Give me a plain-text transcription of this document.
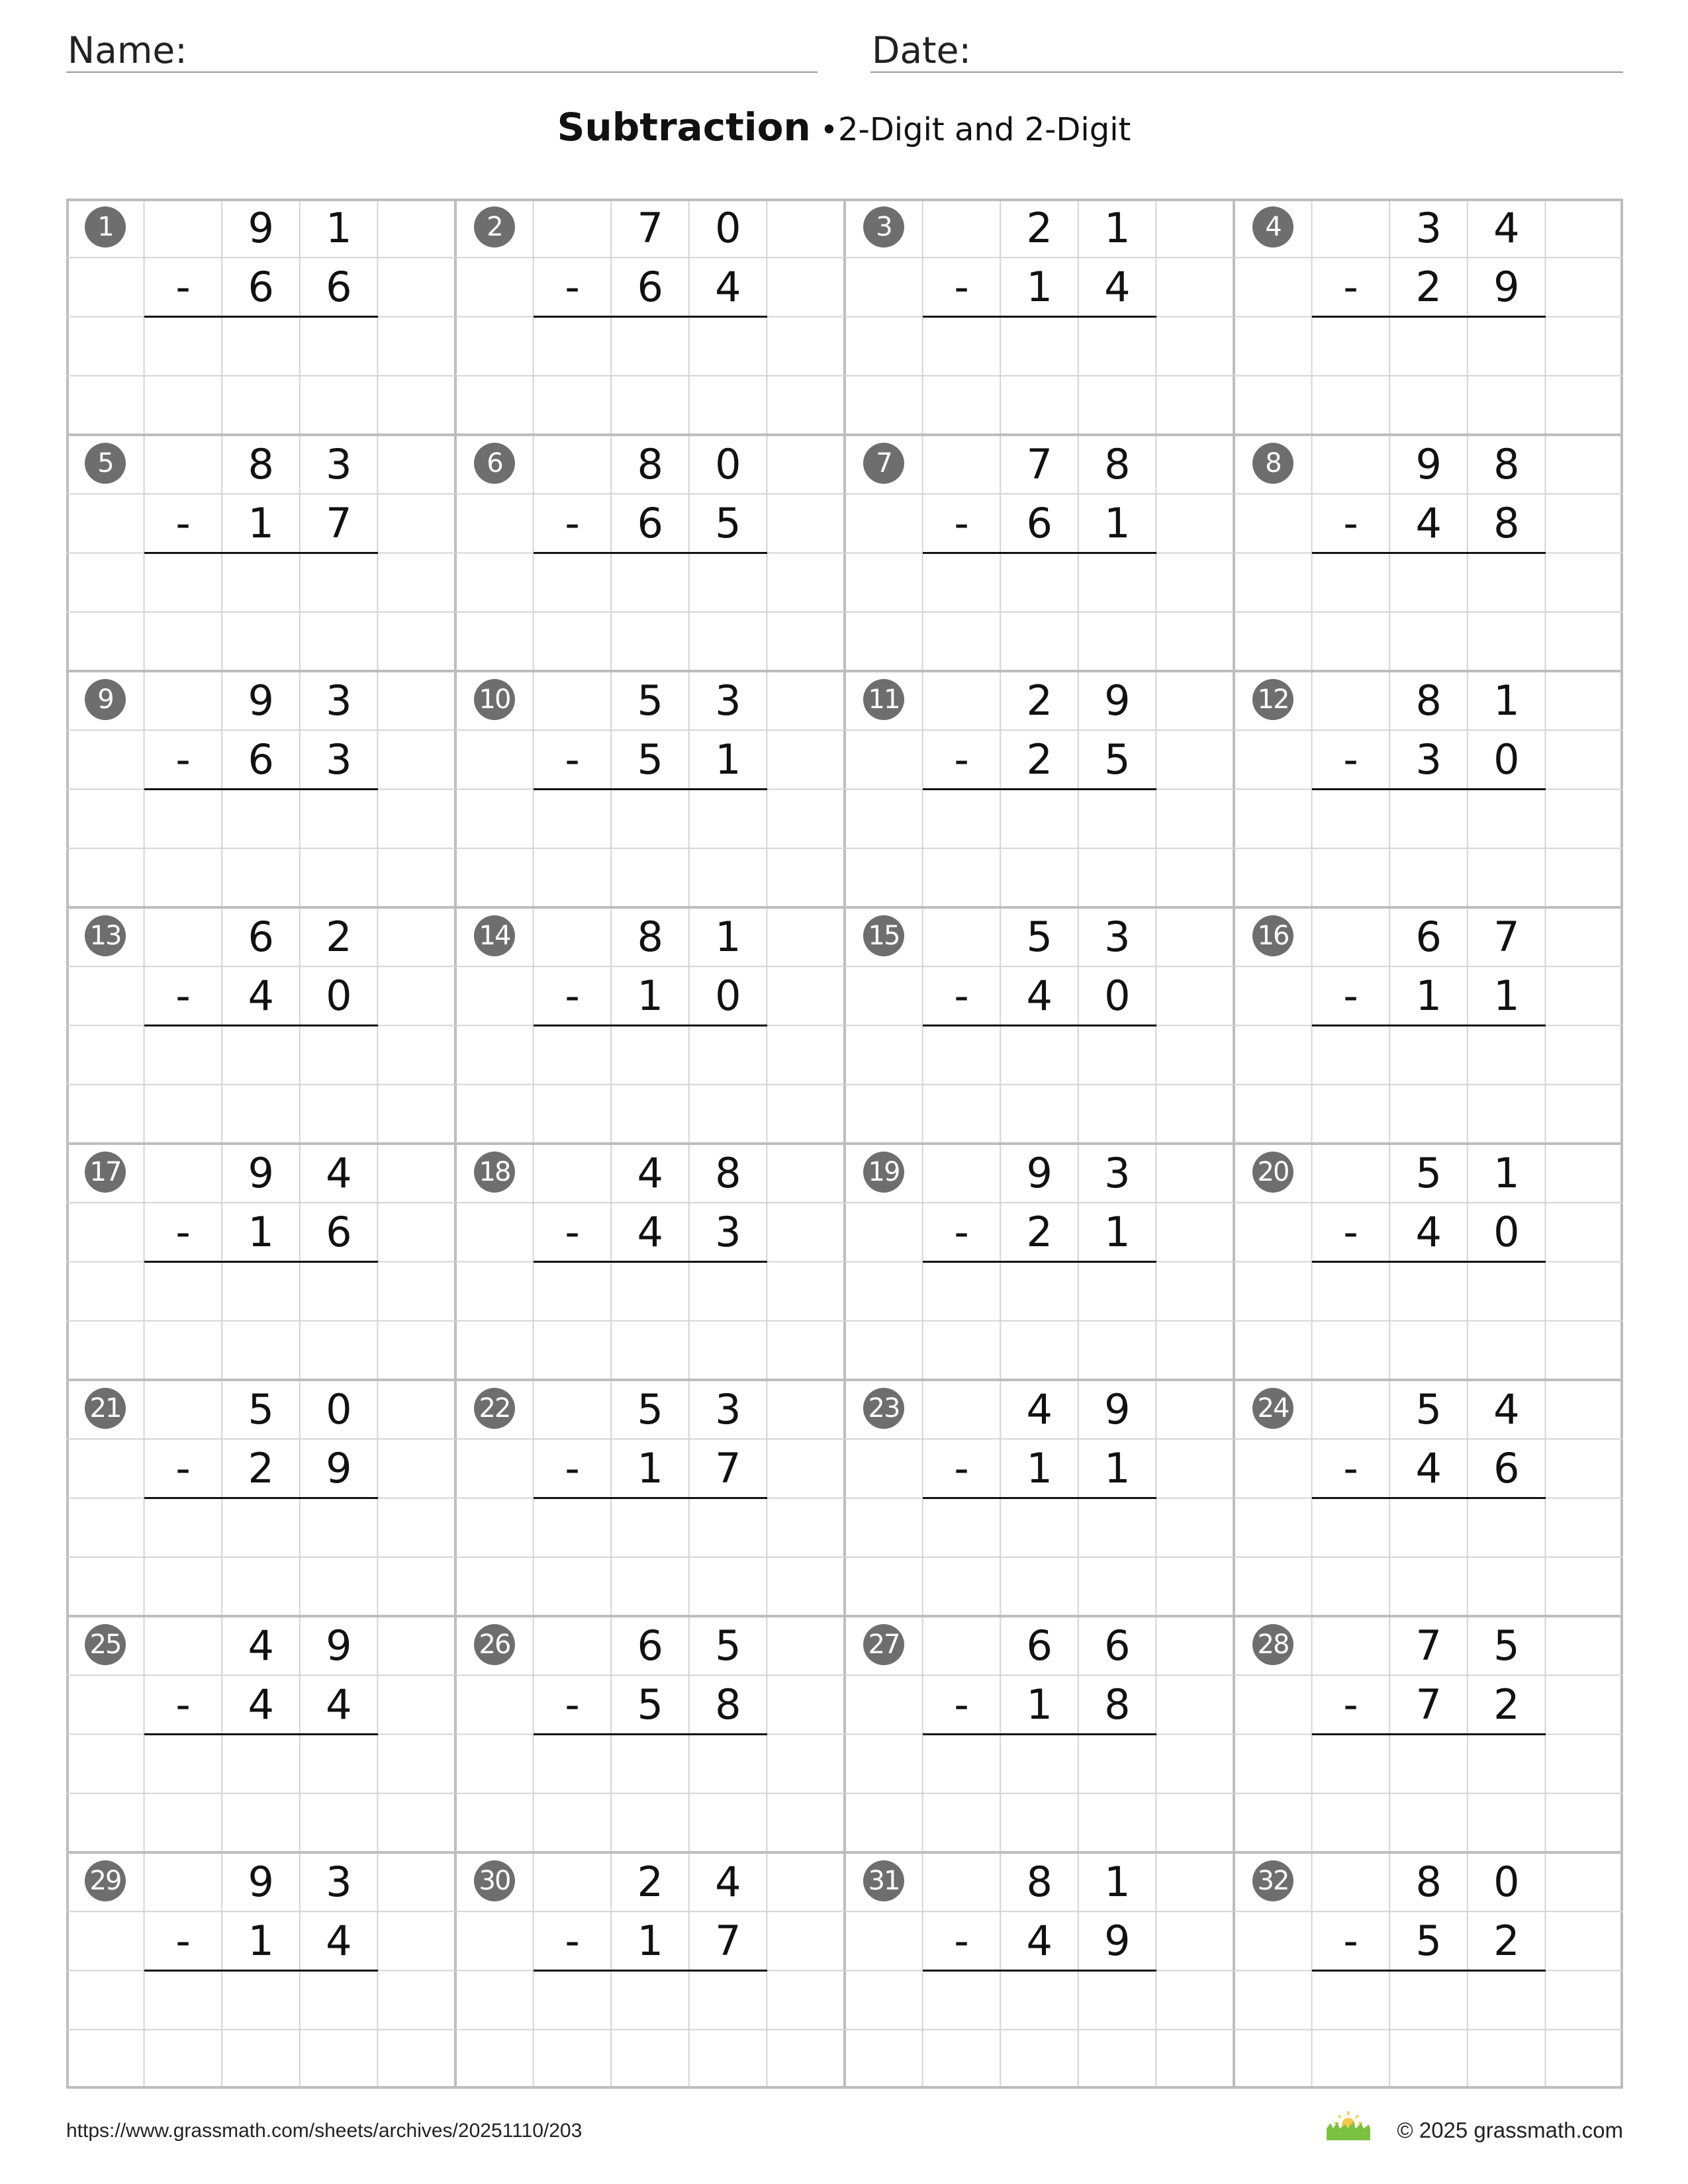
Name:	Date:
Subtraction •2-Digit and 2-Digit
1	9	1
-	6	6
2	7	0
-	6	4
3	2	1
-	1	4
4	3	4
-	2	9
5	8	3
-	1	7
6	8	0
-	6	5
7	7	8
-	6	1
8	9	8
-	4	8
9	9	3
-	6	3
10	5	3
-	5	1
11	2	9
-	2	5
12	8	1
-	3	0
13	6	2
-	4	0
14	8	1
-	1	0
15	5	3
-	4	0
16	6	7
-	1	1
17	9	4
-	1	6
18	4	8
-	4	3
19	9	3
-	2	1
20	5	1
-	4	0
21	5	0
-	2	9
22	5	3
-	1	7
23	4	9
-	1	1
24	5	4
-	4	6
25	4	9
-	4	4
26	6	5
-	5	8
27	6	6
-	1	8
28	7	5
-	7	2
29	9	3
-	1	4
30	2	4
-	1	7
31	8	1
-	4	9
32	8	0
-	5	2
https://www.grassmath.com/sheets/archives/20251110/203	© 2025 grassmath.com
